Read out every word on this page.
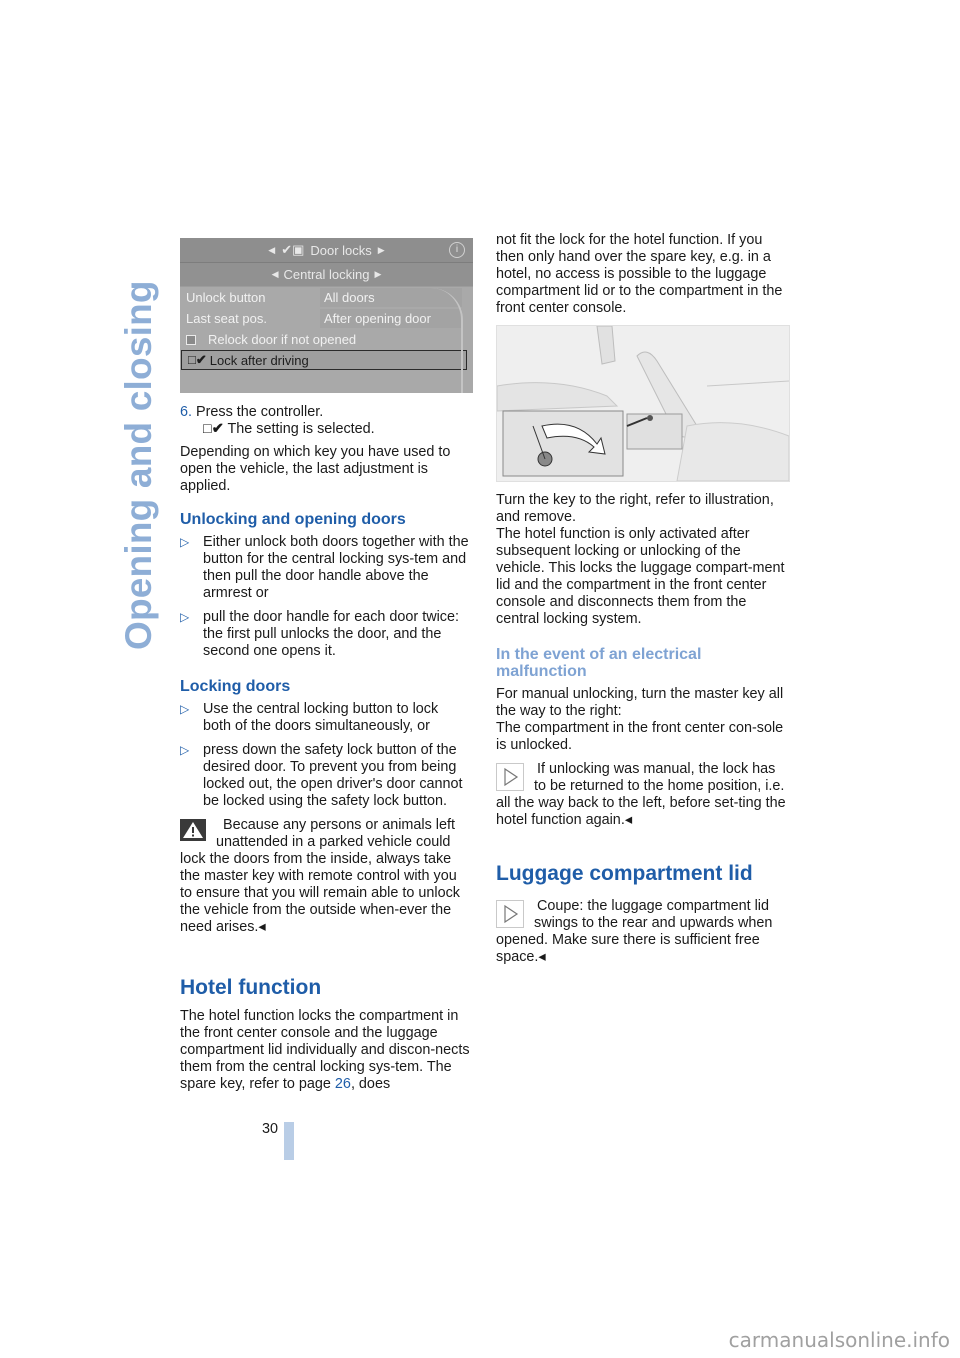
Opening and closing
◀ ✔▣ Door locks ▶	i
◀ Central locking ▶
Unlock button	All doors
Last seat pos.	After opening door
Relock door if not opened
□✔ Lock after driving

6. Press the controller.

□✔ The setting is selected.

Depending on which key you have used to open the vehicle, the last adjustment is applied.

Unlocking and opening doors
▷ Either unlock both doors together with the button for the central locking sys-tem and then pull the door handle above the armrest or
▷ pull the door handle for each door twice: the first pull unlocks the door, and the second one opens it.
Locking doors
▷ Use the central locking button to lock both of the doors simultaneously, or
▷ press down the safety lock button of the desired door. To prevent you from being locked out, the open driver's door cannot be locked using the safety lock button.
Because any persons or animals left unattended in a parked vehicle could lock the doors from the inside, always take the master key with remote control with you to ensure that you will remain able to unlock the vehicle from the outside when-ever the need arises.◂
Hotel function

The hotel function locks the compartment in the front center console and the luggage compartment lid individually and discon-nects them from the central locking sys-tem. The spare key, refer to page 26, does

not fit the lock for the hotel function. If you then only hand over the spare key, e.g. in a hotel, no access is possible to the luggage compartment lid or to the compartment in the front center console.

Turn the key to the right, refer to illustration, and remove.

The hotel function is only activated after subsequent locking or unlocking of the vehicle. This locks the luggage compart-ment lid and the compartment in the front center console and disconnects them from the central locking system.

In the event of an electrical malfunction

For manual unlocking, turn the master key all the way to the right:

The compartment in the front center con-sole is unlocked.

If unlocking was manual, the lock has to be returned to the home position, i.e. all the way back to the left, before set-ting the hotel function again.◂
Luggage compartment lid
Coupe: the luggage compartment lid swings to the rear and upwards when opened. Make sure there is sufficient free space.◂
30
carmanualsonline.info
